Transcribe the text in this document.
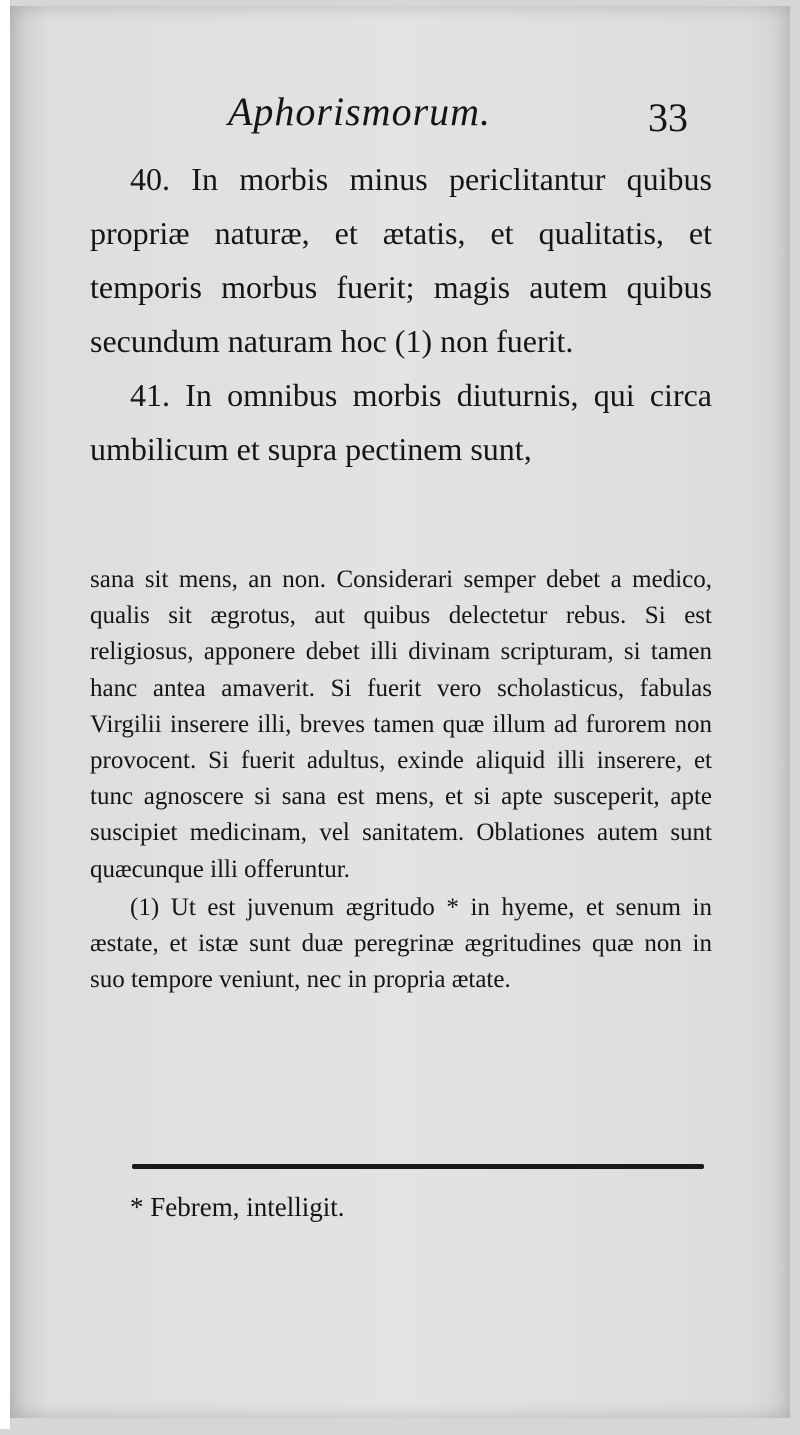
Aphorismorum.	33

40. In morbis minus periclitantur quibus propriæ naturæ, et ætatis, et qualitatis, et temporis morbus fuerit; magis autem quibus secundum naturam hoc (1) non fuerit.

41. In omnibus morbis diuturnis, qui circa umbilicum et supra pectinem sunt,

sana sit mens, an non. Considerari semper debet a medico, qualis sit ægrotus, aut quibus delectetur rebus. Si est religiosus, apponere debet illi divinam scripturam, si tamen hanc antea amaverit. Si fuerit vero scholasticus, fabulas Virgilii inserere illi, breves tamen quæ illum ad furorem non provocent. Si fuerit adultus, exinde aliquid illi inserere, et tunc agnoscere si sana est mens, et si apte susceperit, apte suscipiet medicinam, vel sanitatem. Oblationes autem sunt quæcunque illi offeruntur.

(1) Ut est juvenum ægritudo * in hyeme, et senum in æstate, et istæ sunt duæ peregrinæ ægritudines quæ non in suo tempore veniunt, nec in propria ætate.

* Febrem, intelligit.
